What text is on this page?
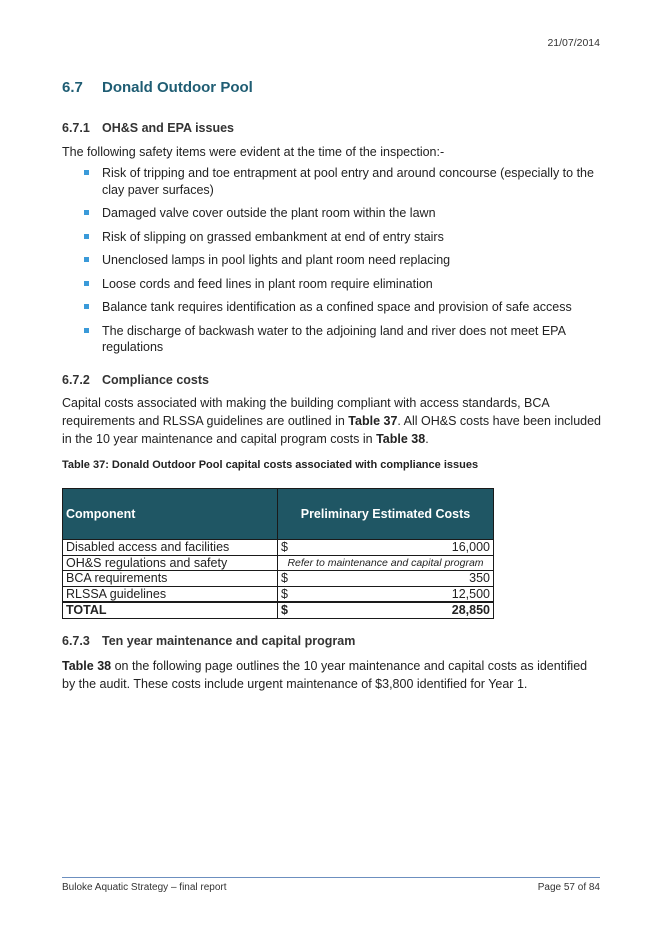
21/07/2014
6.7 Donald Outdoor Pool
6.7.1 OH&S and EPA issues
The following safety items were evident at the time of the inspection:-
Risk of tripping and toe entrapment at pool entry and around concourse (especially to the clay paver surfaces)
Damaged valve cover outside the plant room within the lawn
Risk of slipping on grassed embankment at end of entry stairs
Unenclosed lamps in pool lights and plant room need replacing
Loose cords and feed lines in plant room require elimination
Balance tank requires identification as a confined space and provision of safe access
The discharge of backwash water to the adjoining land and river does not meet EPA regulations
6.7.2 Compliance costs
Capital costs associated with making the building compliant with access standards, BCA requirements and RLSSA guidelines are outlined in Table 37. All OH&S costs have been included in the 10 year maintenance and capital program costs in Table 38.
Table 37: Donald Outdoor Pool capital costs associated with compliance issues
Component	Preliminary Estimated Costs
Disabled access and facilities	$ 16,000

OH&S regulations and safety	Refer to maintenance and capital program
BCA requirements	$ 350

RLSSA guidelines	$ 12,500

TOTAL	$ 28,850
6.7.3 Ten year maintenance and capital program
Table 38 on the following page outlines the 10 year maintenance and capital costs as identified by the audit. These costs include urgent maintenance of $3,800 identified for Year 1.
Buloke Aquatic Strategy – final report	Page 57 of 84
